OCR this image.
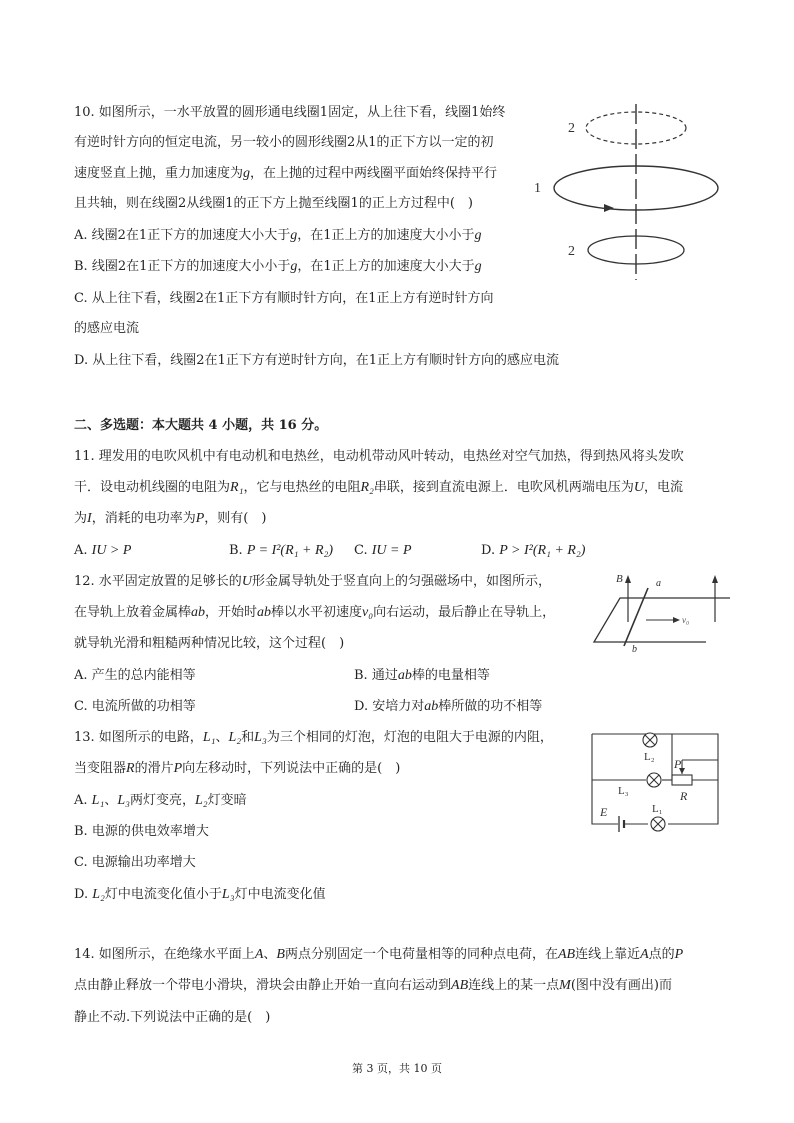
10. 如图所示，一水平放置的圆形通电线圈1固定，从上往下看，线圈1始终
有逆时针方向的恒定电流，另一较小的圆形线圈2从1的正下方以一定的初
速度竖直上抛，重力加速度为g，在上抛的过程中两线圈平面始终保持平行
且共轴，则在线圈2从线圈1的正下方上抛至线圈1的正上方过程中(　)
A. 线圈2在1正下方的加速度大小大于g，在1正上方的加速度大小小于g
B. 线圈2在1正下方的加速度大小小于g，在1正上方的加速度大小大于g
C. 从上往下看，线圈2在1正下方有顺时针方向，在1正上方有逆时针方向
的感应电流
D. 从上往下看，线圈2在1正下方有逆时针方向，在1正上方有顺时针方向的感应电流
2
1
2
二、多选题：本大题共 4 小题，共 16 分。
11. 理发用的电吹风机中有电动机和电热丝，电动机带动风叶转动，电热丝对空气加热，得到热风将头发吹
干．设电动机线圈的电阻为R₁，它与电热丝的电阻R₂串联，接到直流电源上．电吹风机两端电压为U，电流
为I，消耗的电功率为P，则有(　)
A. IU > P	B. P = I²(R₁ + R₂) C. IU = P	D. P > I²(R₁ + R₂)
12. 水平固定放置的足够长的U形金属导轨处于竖直向上的匀强磁场中，如图所示，
在导轨上放着金属棒ab，开始时ab棒以水平初速度v₀向右运动，最后静止在导轨上，
就导轨光滑和粗糙两种情况比较，这个过程(　)
A. 产生的总内能相等	B. 通过ab棒的电量相等
C. 电流所做的功相等	D. 安培力对ab棒所做的功不相等
B	a
v₀
b
13. 如图所示的电路，L₁、L₂和L₃为三个相同的灯泡，灯泡的电阻大于电源的内阻，
当变阻器R的滑片P向左移动时，下列说法中正确的是(　)
A. L₁、L₃两灯变亮，L₂灯变暗
B. 电源的供电效率增大
C. 电源输出功率增大
D. L₂灯中电流变化值小于L₃灯中电流变化值
L₂
L₃
L₁
P
R
E
14. 如图所示，在绝缘水平面上A、B两点分别固定一个电荷量相等的同种点电荷，在AB连线上靠近A点的P
点由静止释放一个带电小滑块，滑块会由静止开始一直向右运动到AB连线上的某一点M(图中没有画出)而
静止不动.下列说法中正确的是(　)
第 3 页，共 10 页
